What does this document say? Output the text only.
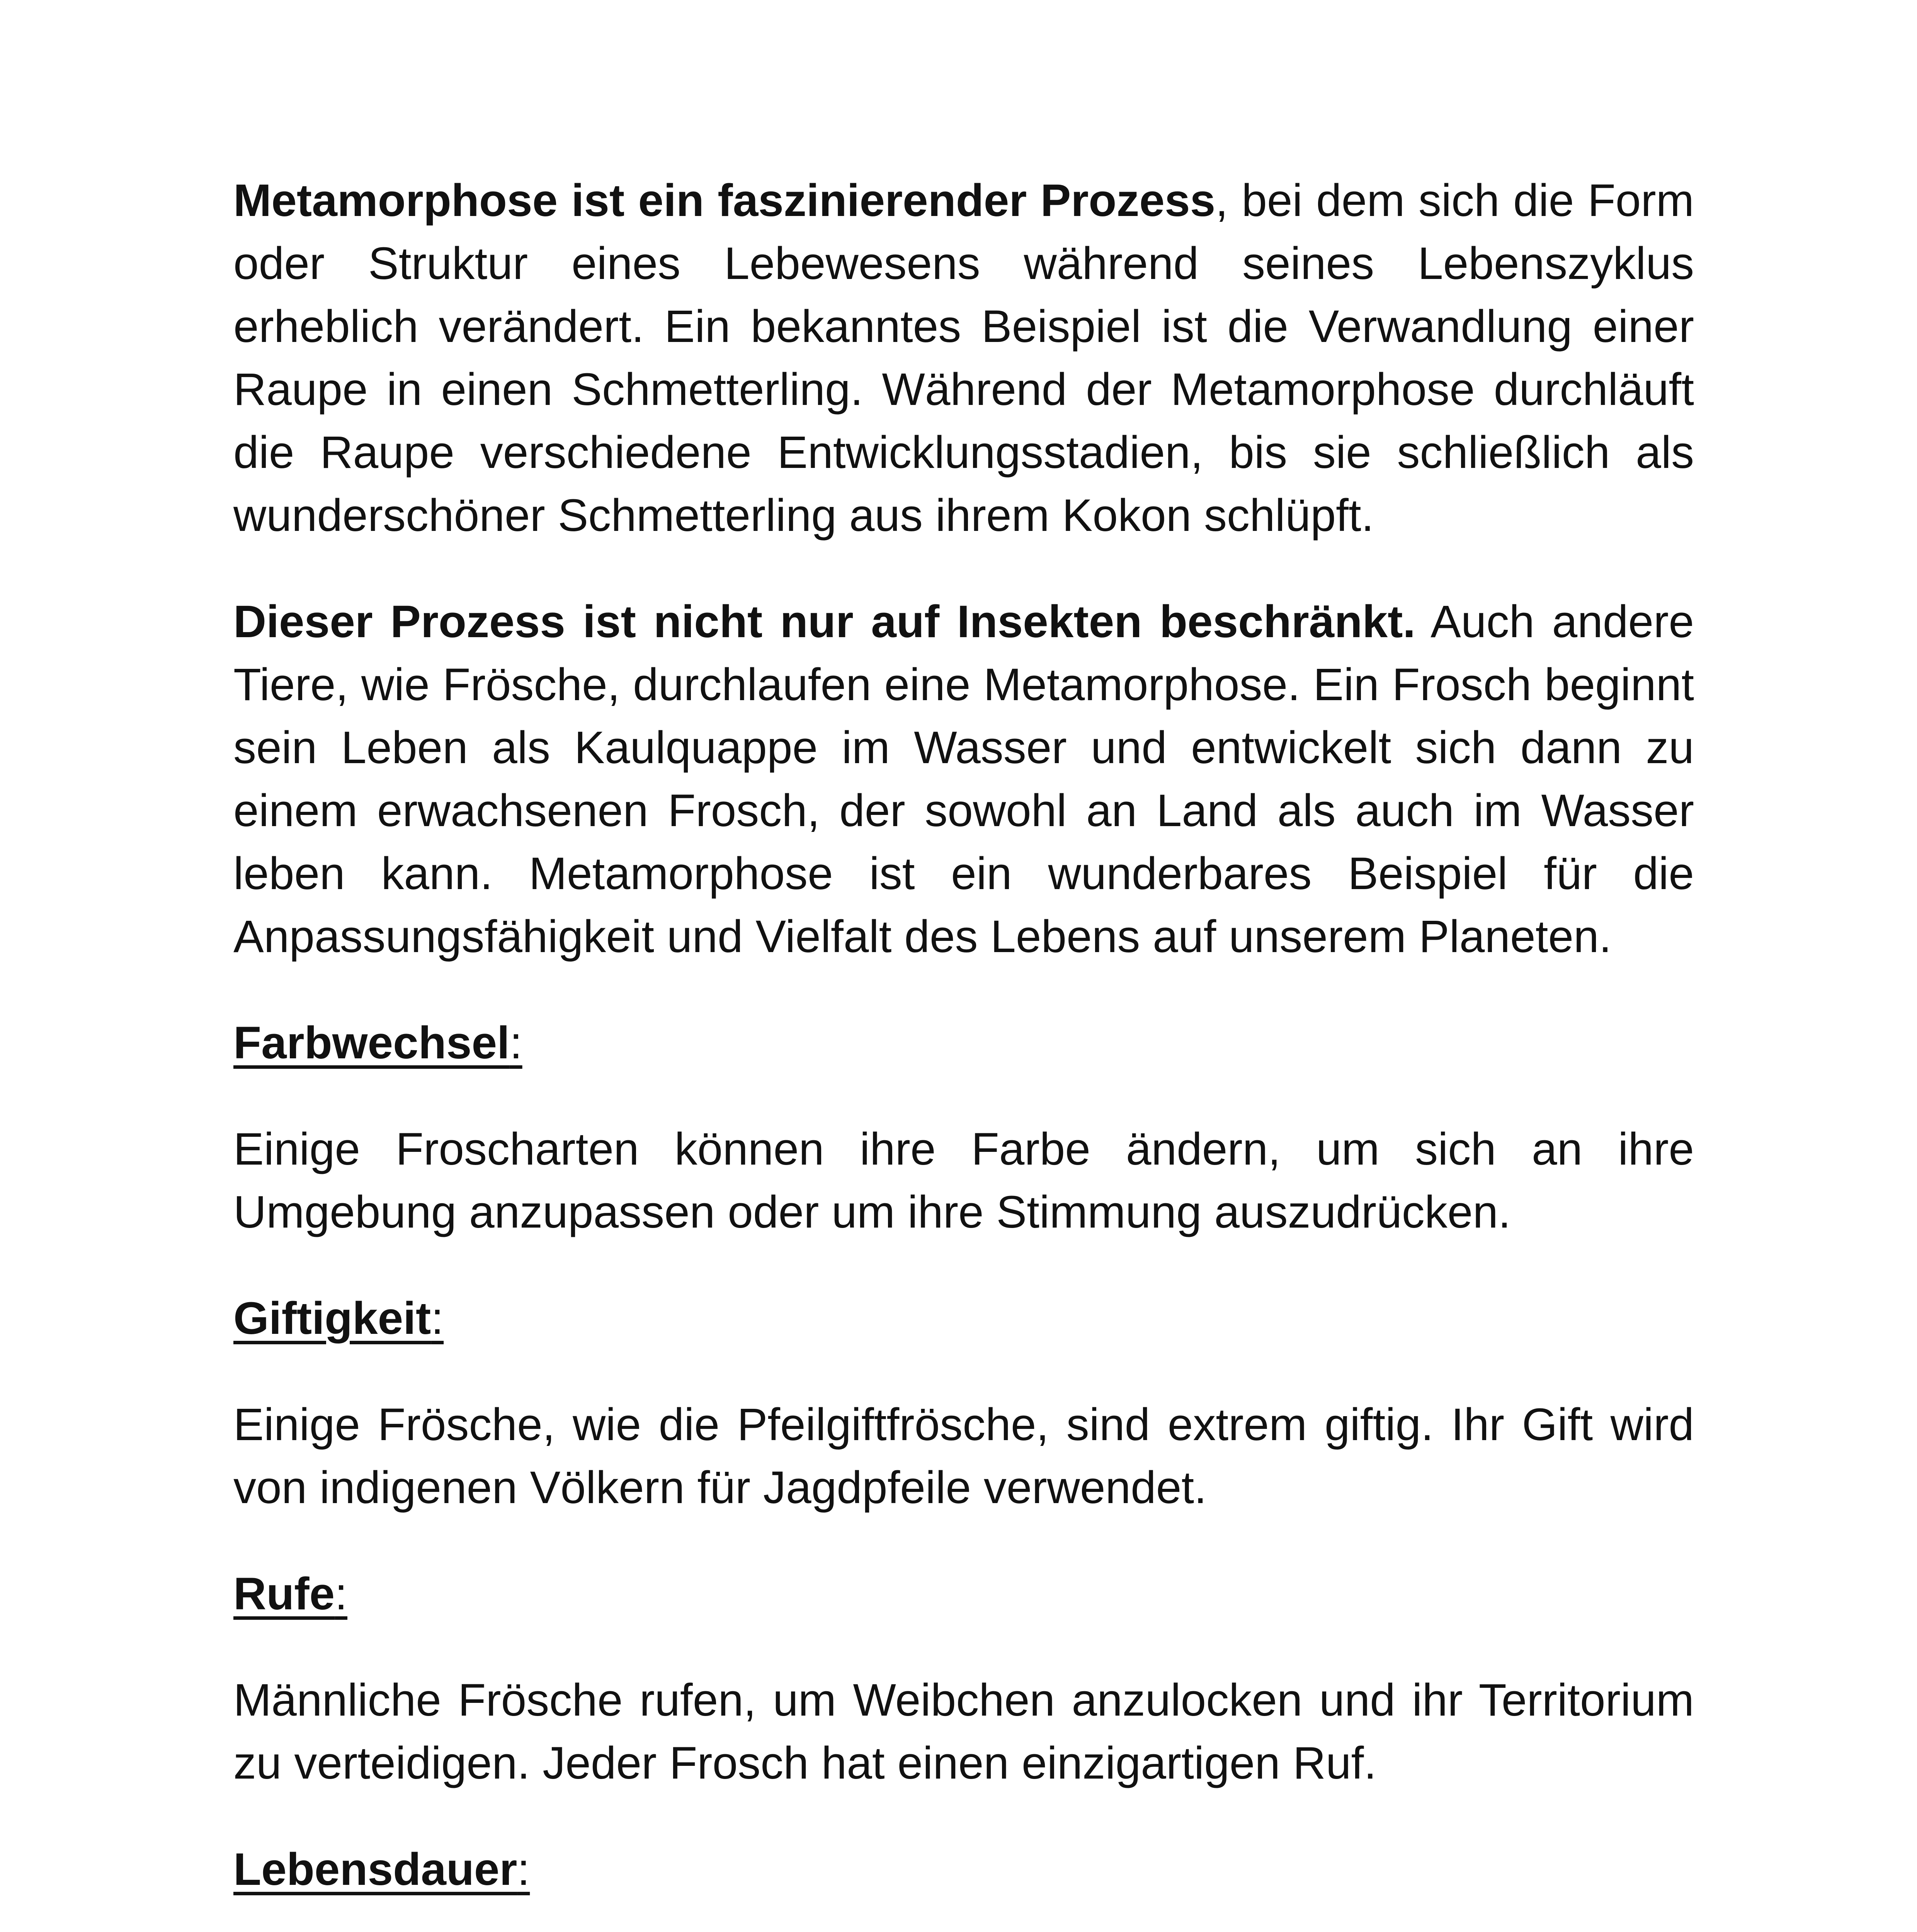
Metamorphose ist ein faszinierender Prozess, bei dem sich die Form oder Struktur eines Lebewesens während seines Lebenszyklus erheblich verändert. Ein bekanntes Beispiel ist die Verwandlung einer Raupe in einen Schmetterling. Während der Metamorphose durchläuft die Raupe verschiedene Entwicklungsstadien, bis sie schließlich als wunderschöner Schmetterling aus ihrem Kokon schlüpft.

Dieser Prozess ist nicht nur auf Insekten beschränkt. Auch andere Tiere, wie Frösche, durchlaufen eine Metamorphose. Ein Frosch beginnt sein Leben als Kaulquappe im Wasser und entwickelt sich dann zu einem erwachsenen Frosch, der sowohl an Land als auch im Wasser leben kann. Metamorphose ist ein wunderbares Beispiel für die Anpassungsfähigkeit und Vielfalt des Lebens auf unserem Planeten.

Farbwechsel:

Einige Froscharten können ihre Farbe ändern, um sich an ihre Umgebung anzupassen oder um ihre Stimmung auszudrücken.

Giftigkeit:

Einige Frösche, wie die Pfeilgiftfrösche, sind extrem giftig. Ihr Gift wird von indigenen Völkern für Jagdpfeile verwendet.

Rufe:

Männliche Frösche rufen, um Weibchen anzulocken und ihr Territorium zu verteidigen. Jeder Frosch hat einen einzigartigen Ruf.

Lebensdauer:
